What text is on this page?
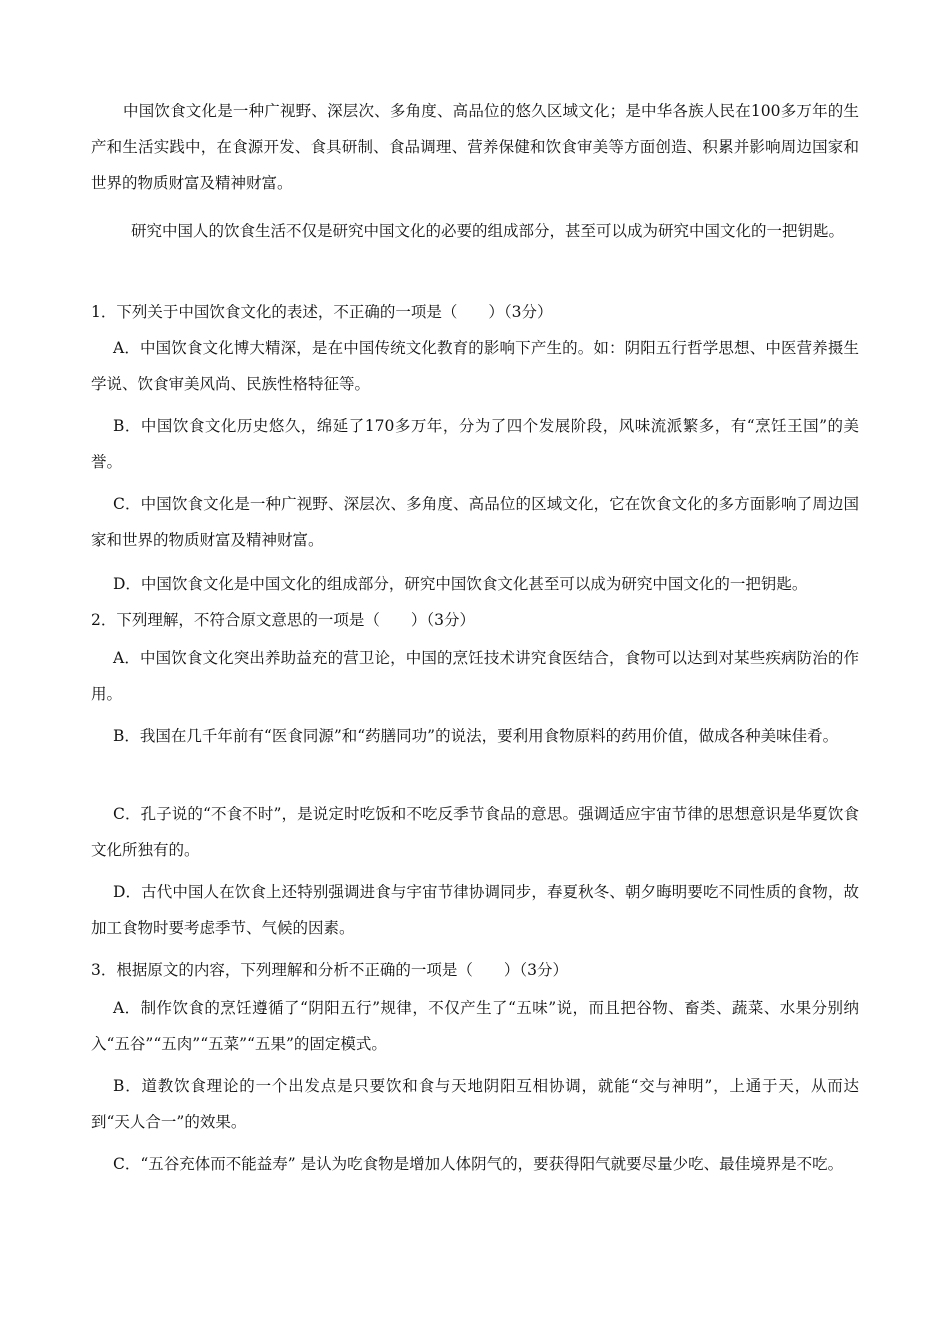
中国饮食文化是一种广视野、深层次、多角度、高品位的悠久区域文化；是中华各族人民在100多万年的生产和生活实践中，在食源开发、食具研制、食品调理、营养保健和饮食审美等方面创造、积累并影响周边国家和世界的物质财富及精神财富。

研究中国人的饮食生活不仅是研究中国文化的必要的组成部分，甚至可以成为研究中国文化的一把钥匙。

1．下列关于中国饮食文化的表述，不正确的一项是（　　）（3分）

A．中国饮食文化博大精深，是在中国传统文化教育的影响下产生的。如：阴阳五行哲学思想、中医营养摄生学说、饮食审美风尚、民族性格特征等。

B．中国饮食文化历史悠久，绵延了170多万年，分为了四个发展阶段，风味流派繁多，有“烹饪王国”的美誉。

C．中国饮食文化是一种广视野、深层次、多角度、高品位的区域文化，它在饮食文化的多方面影响了周边国家和世界的物质财富及精神财富。

D．中国饮食文化是中国文化的组成部分，研究中国饮食文化甚至可以成为研究中国文化的一把钥匙。

2．下列理解，不符合原文意思的一项是（　　）（3分）

A．中国饮食文化突出养助益充的营卫论，中国的烹饪技术讲究食医结合，食物可以达到对某些疾病防治的作用。

B．我国在几千年前有“医食同源”和“药膳同功”的说法，要利用食物原料的药用价值，做成各种美味佳肴。

C．孔子说的“不食不时”，是说定时吃饭和不吃反季节食品的意思。强调适应宇宙节律的思想意识是华夏饮食文化所独有的。

D．古代中国人在饮食上还特别强调进食与宇宙节律协调同步，春夏秋冬、朝夕晦明要吃不同性质的食物，故加工食物时要考虑季节、气候的因素。

3．根据原文的内容，下列理解和分析不正确的一项是（　　）（3分）

A．制作饮食的烹饪遵循了“阴阳五行”规律，不仅产生了“五味”说，而且把谷物、畜类、蔬菜、水果分别纳入“五谷”“五肉”“五菜”“五果”的固定模式。

B．道教饮食理论的一个出发点是只要饮和食与天地阴阳互相协调，就能“交与神明”，上通于天，从而达到“天人合一”的效果。

C．“五谷充体而不能益寿” 是认为吃食物是增加人体阴气的，要获得阳气就要尽量少吃、最佳境界是不吃。
